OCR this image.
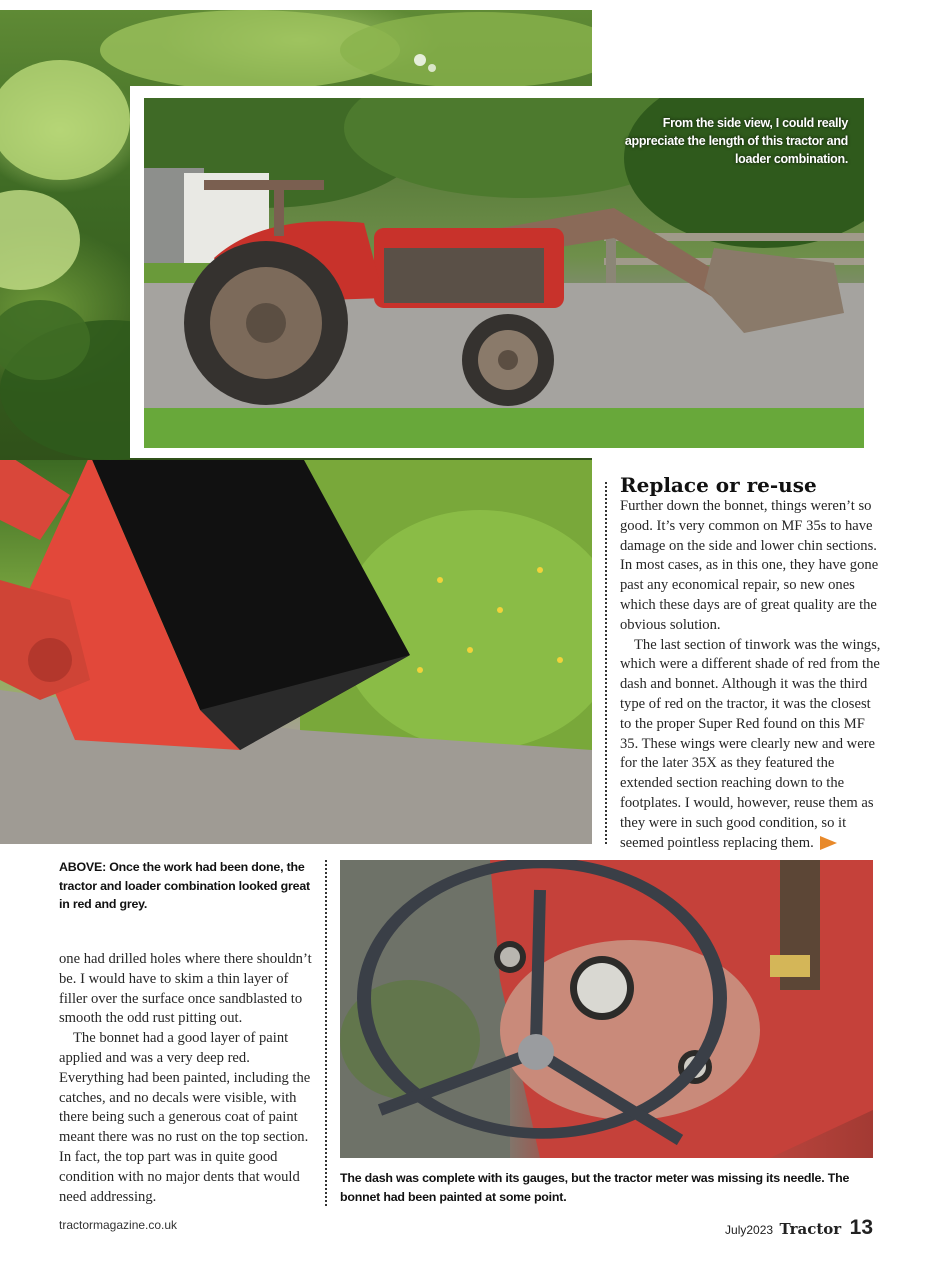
From the side view, I could really appreciate the length of this tractor and loader combination.
Replace or re-use

Further down the bonnet, things weren’t so good. It’s very common on MF 35s to have damage on the side and lower chin sections. In most cases, as in this one, they have gone past any economical repair, so new ones which these days are of great quality are the obvious solution.

The last section of tinwork was the wings, which were a different shade of red from the dash and bonnet. Although it was the third type of red on the tractor, it was the closest to the proper Super Red found on this MF 35. These wings were clearly new and were for the later 35X as they featured the extended section reaching down to the footplates. I would, however, reuse them as they were in such good condition, so it seemed pointless replacing them.

ABOVE: Once the work had been done, the tractor and loader combination looked great in red and grey.

one had drilled holes where there shouldn’t be. I would have to skim a thin layer of filler over the surface once sandblasted to smooth the odd rust pitting out.

The bonnet had a good layer of paint applied and was a very deep red. Everything had been painted, including the catches, and no decals were visible, with there being such a generous coat of paint meant there was no rust on the top section. In fact, the top part was in quite good condition with no major dents that would need addressing.

The dash was complete with its gauges, but the tractor meter was missing its needle. The bonnet had been painted at some point.
tractormagazine.co.uk	July2023 Tractor 13
